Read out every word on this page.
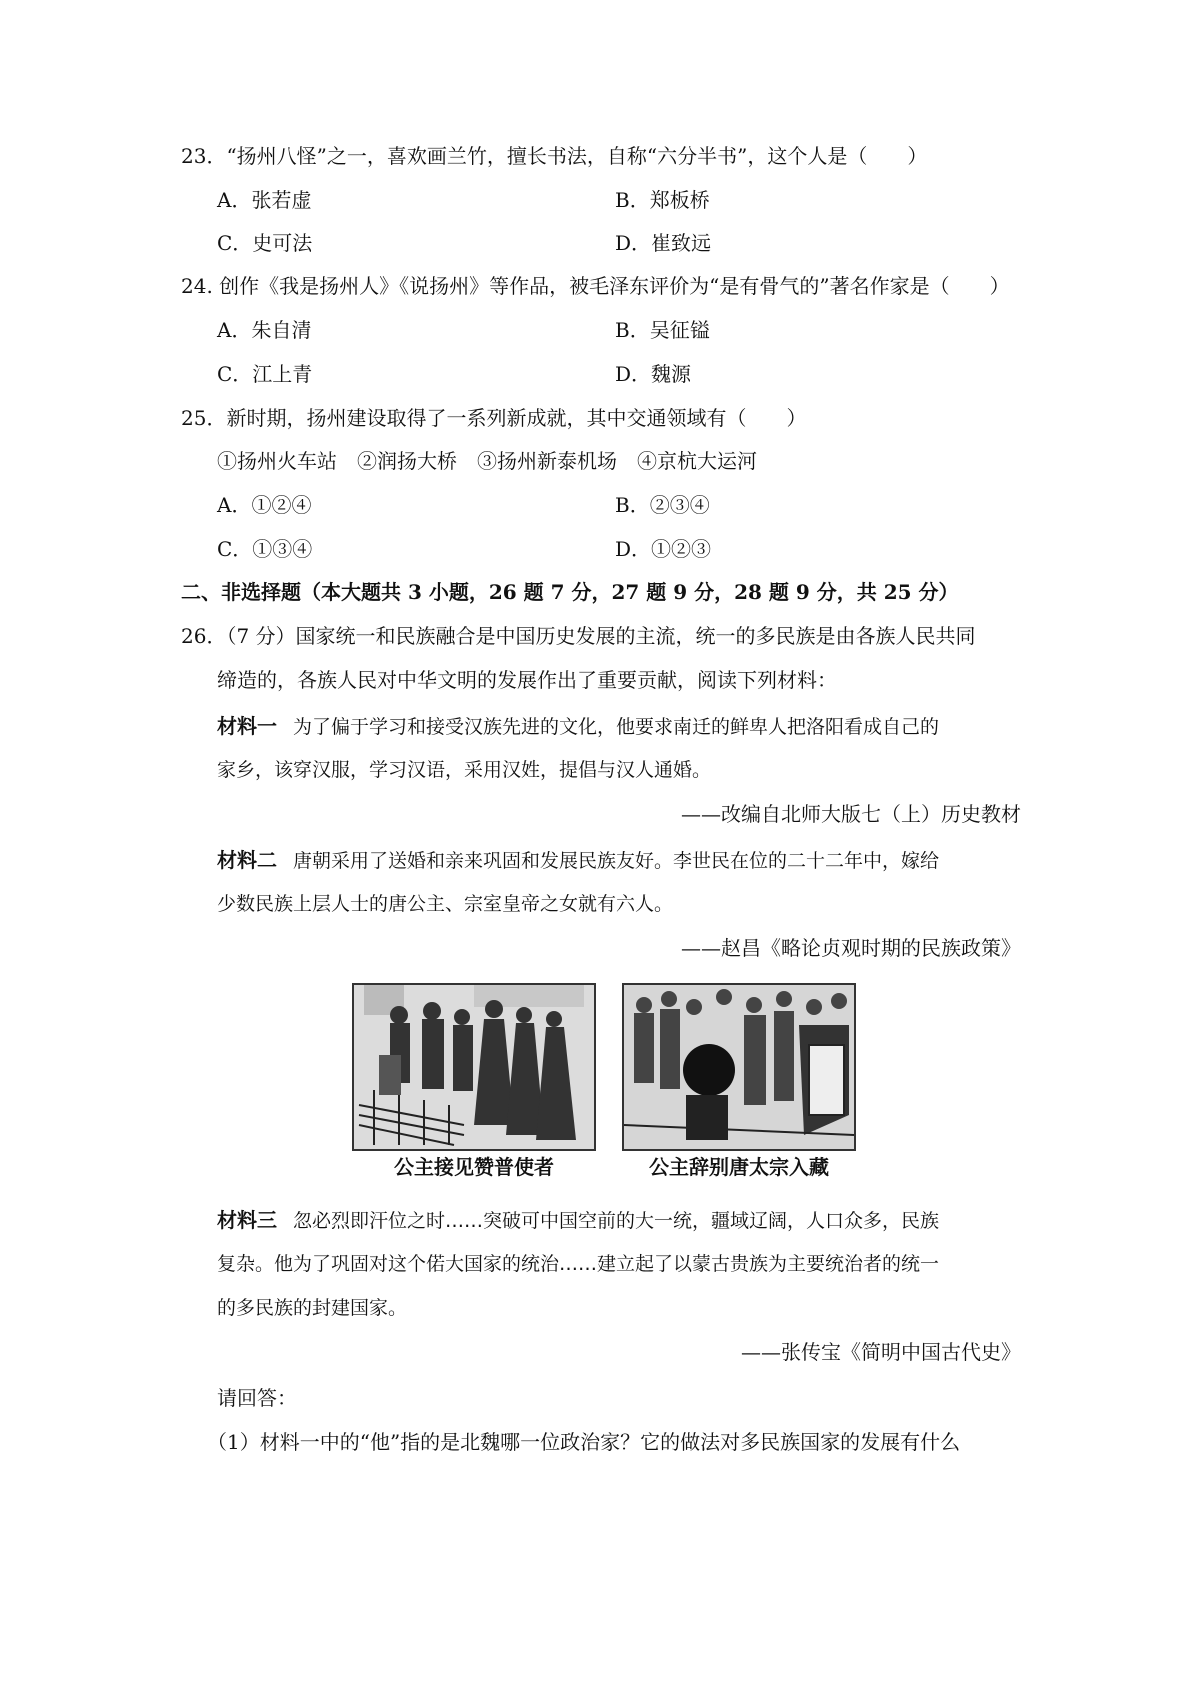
23．“扬州八怪”之一，喜欢画兰竹，擅长书法，自称“六分半书”，这个人是（　　）
A．张若虚	B．郑板桥
C．史可法	D．崔致远
24. 创作《我是扬州人》《说扬州》等作品，被毛泽东评价为“是有骨气的”著名作家是（　　）
A．朱自清	B．吴征镒
C．江上青	D．魏源
25．新时期，扬州建设取得了一系列新成就，其中交通领域有（　　）
①扬州火车站　②润扬大桥　③扬州新泰机场　④京杭大运河
A．①②④	B．②③④
C．①③④	D．①②③
二、非选择题（本大题共 3 小题，26 题 7 分，27 题 9 分，28 题 9 分，共 25 分）
26．（7 分）国家统一和民族融合是中国历史发展的主流，统一的多民族是由各族人民共同
缔造的，各族人民对中华文明的发展作出了重要贡献，阅读下列材料：
材料一 为了偏于学习和接受汉族先进的文化，他要求南迁的鲜卑人把洛阳看成自己的
家乡，该穿汉服，学习汉语，采用汉姓，提倡与汉人通婚。
——改编自北师大版七（上）历史教材
材料二 唐朝采用了送婚和亲来巩固和发展民族友好。李世民在位的二十二年中，嫁给
少数民族上层人士的唐公主、宗室皇帝之女就有六人。
——赵昌《略论贞观时期的民族政策》
公主接见赞普使者	公主辞别唐太宗入藏
材料三 忽必烈即汗位之时……突破可中国空前的大一统，疆域辽阔，人口众多，民族
复杂。他为了巩固对这个偌大国家的统治……建立起了以蒙古贵族为主要统治者的统一
的多民族的封建国家。
——张传宝《简明中国古代史》
请回答：
（1）材料一中的“他”指的是北魏哪一位政治家？它的做法对多民族国家的发展有什么
